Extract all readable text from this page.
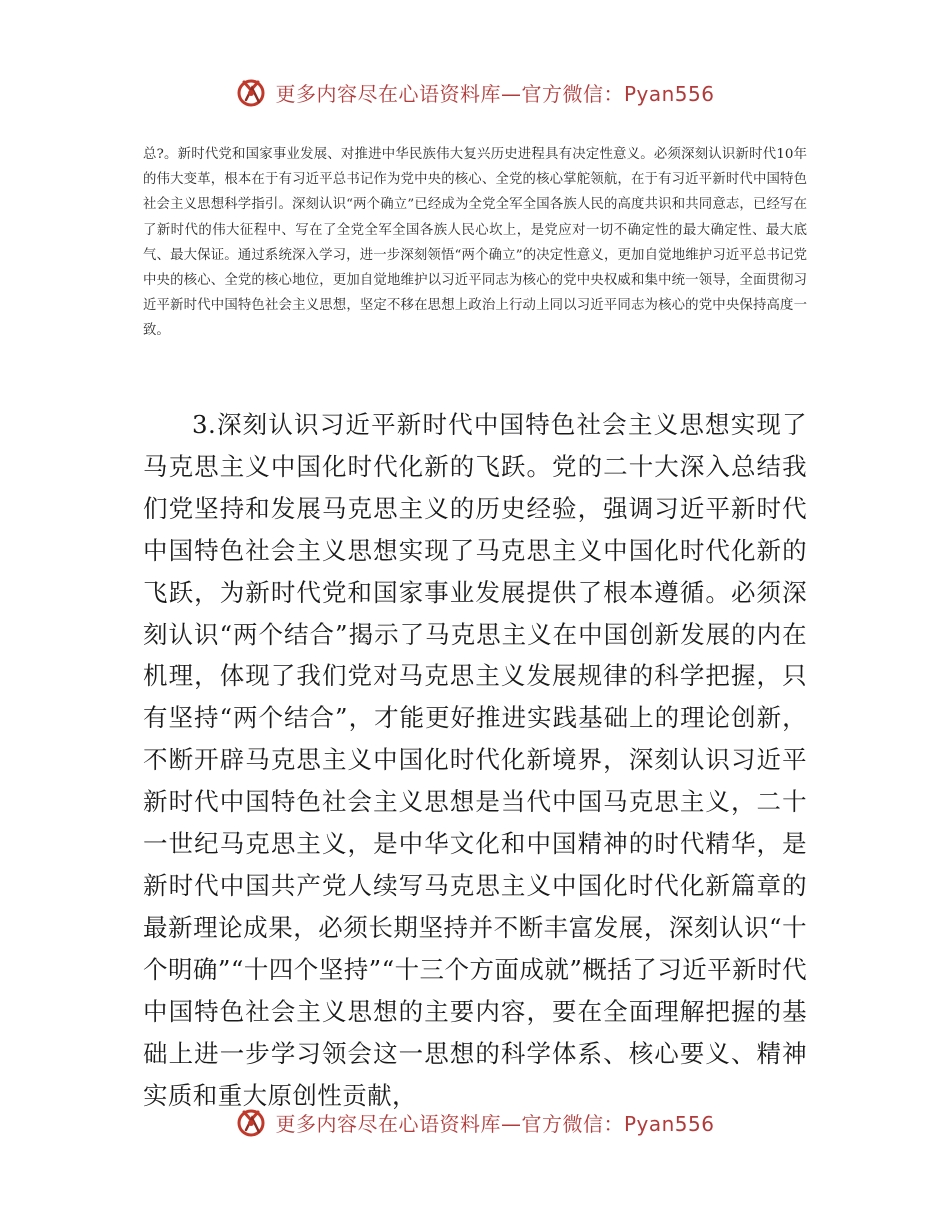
更多内容尽在心语资料库—官方微信：Pyan556

总?。新时代党和国家事业发展、对推进中华民族伟大复兴历史进程具有决定性意义。必须深刻认识新时代10年的伟大变革，根本在于有习近平总书记作为党中央的核心、全党的核心掌舵领航，在于有习近平新时代中国特色社会主义思想科学指引。深刻认识“两个确立”已经成为全党全军全国各族人民的高度共识和共同意志，已经写在了新时代的伟大征程中、写在了全党全军全国各族人民心坎上，是党应对一切不确定性的最大确定性、最大底气、最大保证。通过系统深入学习，进一步深刻领悟“两个确立”的决定性意义，更加自觉地维护习近平总书记党中央的核心、全党的核心地位，更加自觉地维护以习近平同志为核心的党中央权威和集中统一领导，全面贯彻习近平新时代中国特色社会主义思想，坚定不移在思想上政治上行动上同以习近平同志为核心的党中央保持高度一致。

3.深刻认识习近平新时代中国特色社会主义思想实现了马克思主义中国化时代化新的飞跃。党的二十大深入总结我们党坚持和发展马克思主义的历史经验，强调习近平新时代中国特色社会主义思想实现了马克思主义中国化时代化新的飞跃，为新时代党和国家事业发展提供了根本遵循。必须深刻认识“两个结合”揭示了马克思主义在中国创新发展的内在机理，体现了我们党对马克思主义发展规律的科学把握，只有坚持“两个结合”，才能更好推进实践基础上的理论创新，不断开辟马克思主义中国化时代化新境界，深刻认识习近平新时代中国特色社会主义思想是当代中国马克思主义，二十一世纪马克思主义，是中华文化和中国精神的时代精华，是新时代中国共产党人续写马克思主义中国化时代化新篇章的最新理论成果，必须长期坚持并不断丰富发展，深刻认识“十个明确”“十四个坚持”“十三个方面成就”概括了习近平新时代中国特色社会主义思想的主要内容，要在全面理解把握的基础上进一步学习领会这一思想的科学体系、核心要义、精神实质和重大原创性贡献，

更多内容尽在心语资料库—官方微信：Pyan556
